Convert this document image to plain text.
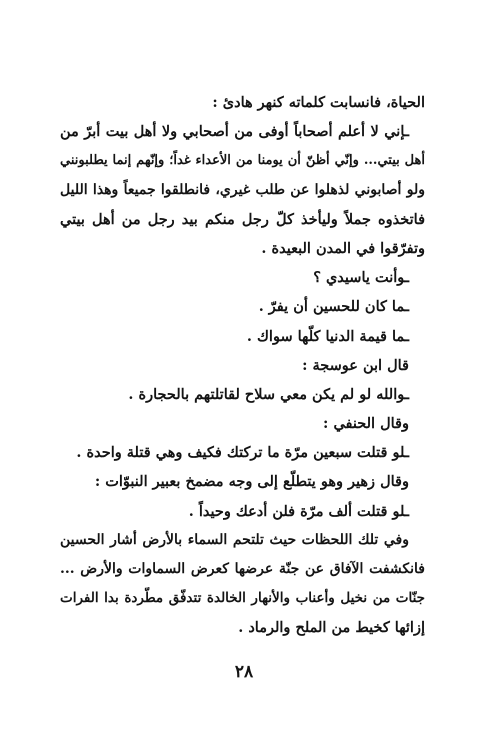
الحياة، فانسابت كلماته كنهر هادئ :
ـإني لا أعلم أصحاباً أوفى من أصحابي ولا أهل بيت أبرّ من
أهل بيتي... وإنّي أظنّ أن يومنا من الأعداء غداً؛ وإنّهم إنما يطلبونني
ولو أصابوني لذهلوا عن طلب غيري، فانطلقوا جميعاً وهذا الليل
فاتخذوه جملاً وليأخذ كلّ رجل منكم بيد رجل من أهل بيتي
وتفرّقوا في المدن البعيدة .
ـوأنت ياسيدي ؟
ـما كان للحسين أن يفرّ .
ـما قيمة الدنيا كلّها سواك .
قال ابن عوسجة :
ـوالله لو لم يكن معي سلاح لقاتلتهم بالحجارة .
وقال الحنفي :
ـلو قتلت سبعين مرّة ما تركتك فكيف وهي قتلة واحدة .
وقال زهير وهو يتطلّع إلى وجه مضمخ بعبير النبوّات :
ـلو قتلت ألف مرّة فلن أدعك وحيداً .
وفي تلك اللحظات حيث تلتحم السماء بالأرض أشار الحسين
فانكشفت الآفاق عن جنّة عرضها كعرض السماوات والأرض ...
جنّات من نخيل وأعناب والأنهار الخالدة تتدفّق مطّردة بدا الفرات
إزائها كخيط من الملح والرماد .
٢٨
